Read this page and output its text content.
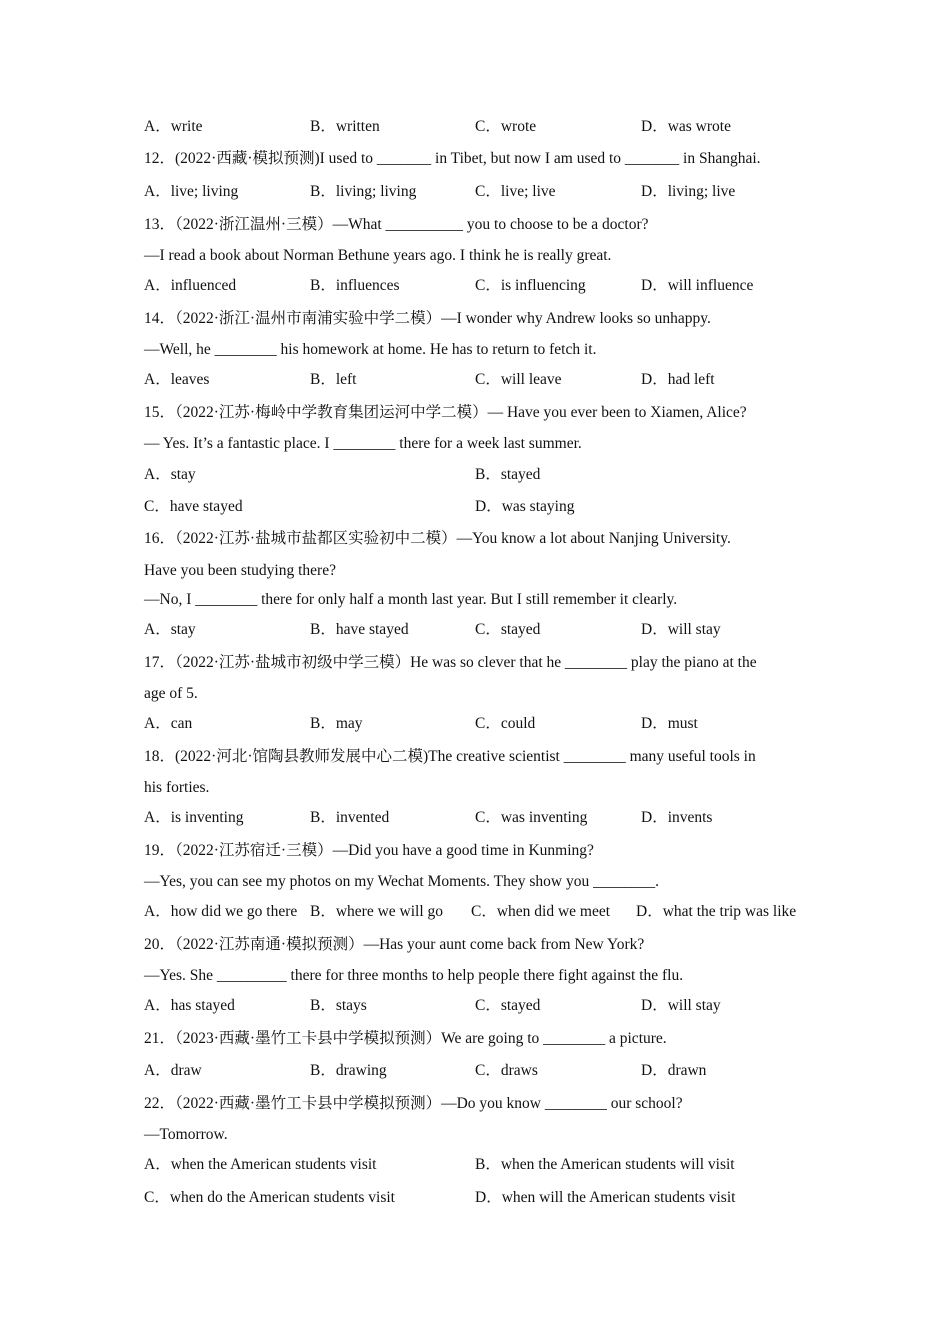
A．write	B．written	C．wrote	D．was wrote
12．(2022·西藏·模拟预测)I used to _______ in Tibet, but now I am used to _______ in Shanghai.
A．live; living	B．living; living	C．live; live	D．living; live
13．（2022·浙江温州·三模）—What __________ you to choose to be a doctor?
—I read a book about Norman Bethune years ago. I think he is really great.
A．influenced	B．influences	C．is influencing	D．will influence
14．（2022·浙江·温州市南浦实验中学二模）—I wonder why Andrew looks so unhappy.
—Well, he ________ his homework at home. He has to return to fetch it.
A．leaves	B．left	C．will leave	D．had left
15．（2022·江苏·梅岭中学教育集团运河中学二模）— Have you ever been to Xiamen, Alice?
— Yes. It’s a fantastic place. I ________ there for a week last summer.
A．stay	B．stayed
C．have stayed	D．was staying
16．（2022·江苏·盐城市盐都区实验初中二模）—You know a lot about Nanjing University.
Have you been studying there?
—No, I ________ there for only half a month last year. But I still remember it clearly.
A．stay	B．have stayed	C．stayed	D．will stay
17．（2022·江苏·盐城市初级中学三模）He was so clever that he ________ play the piano at the
age of 5.
A．can	B．may	C．could	D．must
18．(2022·河北·馆陶县教师发展中心二模)The creative scientist ________ many useful tools in
his forties.
A．is inventing	B．invented	C．was inventing	D．invents
19．（2022·江苏宿迁·三模）—Did you have a good time in Kunming?
—Yes, you can see my photos on my Wechat Moments. They show you ________.
A．how did we go there B．where we will go C．when did we meet D．what the trip was like
20．（2022·江苏南通·模拟预测）—Has your aunt come back from New York?
—Yes. She _________ there for three months to help people there fight against the flu.
A．has stayed	B．stays	C．stayed	D．will stay
21．（2023·西藏·墨竹工卡县中学模拟预测）We are going to ________ a picture.
A．draw	B．drawing	C．draws	D．drawn
22．（2022·西藏·墨竹工卡县中学模拟预测）—Do you know ________ our school?
—Tomorrow.
A．when the American students visit	B．when the American students will visit
C．when do the American students visit	D．when will the American students visit
